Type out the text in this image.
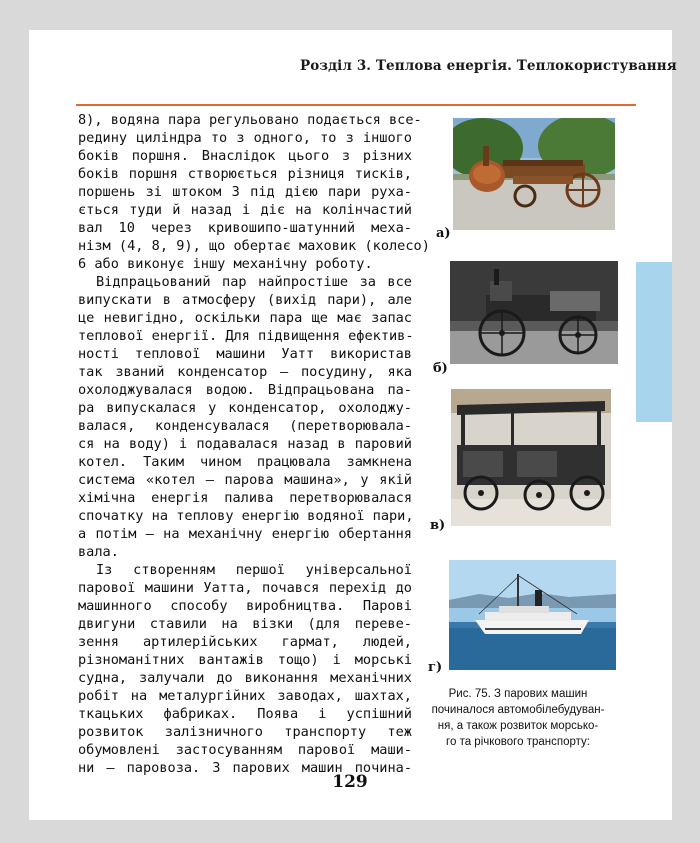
Розділ 3. Теплова енергія. Теплокористування
8), водяна пара регульовано подається все-
редину циліндра то з одного, то з іншого
боків поршня. Внаслідок цього з різних
боків поршня створюється різниця тисків,
поршень зі штоком 3 під дією пари руха-
ється туди й назад і діє на колінчастий
вал 10 через кривошипо-шатунний меха-
нізм (4, 8, 9), що обертає маховик (колесо)
6 або виконує іншу механічну роботу.
Відпрацьований пар найпростіше за все
випускати в атмосферу (вихід пари), але
це невигідно, оскільки пара ще має запас
теплової енергії. Для підвищення ефектив-
ності теплової машини Уатт використав
так званий конденсатор – посудину, яка
охолоджувалася водою. Відпрацьована па-
ра випускалася у конденсатор, охолоджу-
валася, конденсувалася (перетворювала-
ся на воду) і подавалася назад в паровий
котел. Таким чином працювала замкнена
система «котел – парова машина», у якій
хімічна енергія палива перетворювалася
спочатку на теплову енергію водяної пари,
а потім – на механічну енергію обертання
вала.
Із створенням першої універсальної
парової машини Уатта, почався перехід до
машинного способу виробництва. Парові
двигуни ставили на візки (для переве-
зення артилерійських гармат, людей,
різноманітних вантажів тощо) і морські
судна, залучали до виконання механічних
робіт на металургійних заводах, шахтах,
ткацьких фабриках. Поява і успішний
розвиток залізничного транспорту теж
обумовлені застосуванням парової маши-
ни – паровоза. З парових машин почина-
а)
б)
в)
г)
Рис. 75. З парових машин
починалося автомобілебудуван-
ня, а також розвиток морсько-
го та річкового транспорту:
129
